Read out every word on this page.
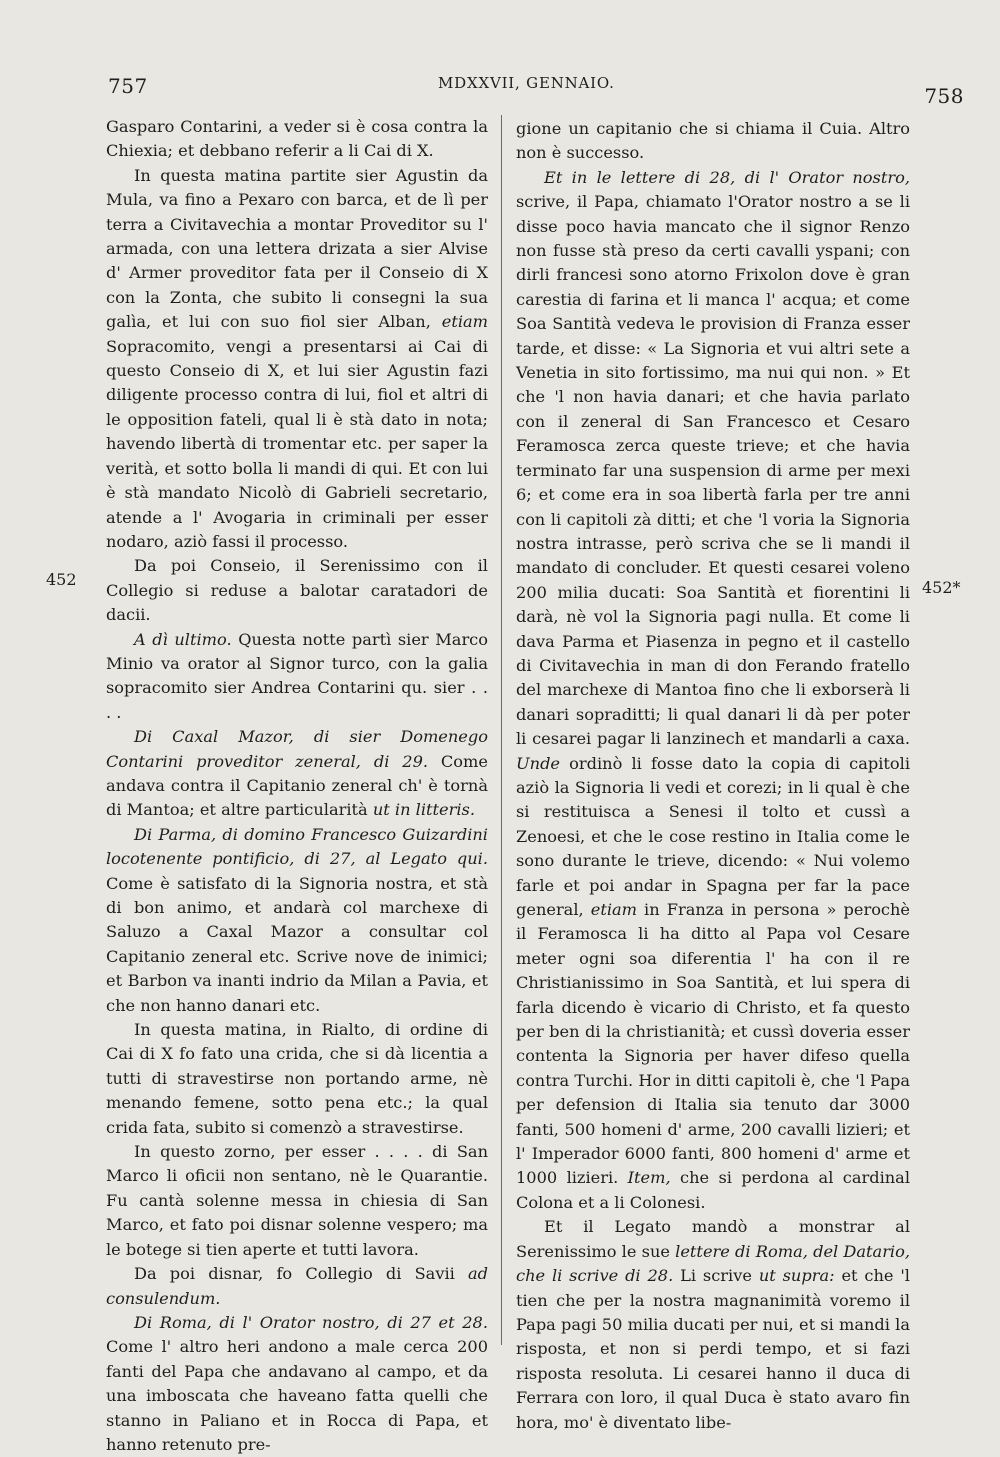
757	MDXXVII, GENNAIO.
758
452	452*

Gasparo Contarini, a veder si è cosa contra la Chiexia; et debbano referir a li Cai di X.

In questa matina partite sier Agustin da Mula, va fino a Pexaro con barca, et de lì per terra a Civitavechia a montar Proveditor su l' armada, con una lettera drizata a sier Alvise d' Armer proveditor fata per il Conseio di X con la Zonta, che subito li consegni la sua galìa, et lui con suo fiol sier Alban, etiam Sopracomito, vengi a presentarsi ai Cai di questo Conseio di X, et lui sier Agustin fazi diligente processo contra di lui, fiol et altri di le opposition fateli, qual li è stà dato in nota; havendo libertà di tromentar etc. per saper la verità, et sotto bolla li mandi di qui. Et con lui è stà mandato Nicolò di Gabrieli secretario, atende a l' Avogaria in criminali per esser nodaro, aziò fassi il processo.

Da poi Conseio, il Serenissimo con il Collegio si reduse a balotar caratadori de dacii.

A dì ultimo. Questa notte partì sier Marco Minio va orator al Signor turco, con la galia sopracomito sier Andrea Contarini qu. sier . . . .

Di Caxal Mazor, di sier Domenego Contarini proveditor zeneral, di 29. Come andava contra il Capitanio zeneral ch' è tornà di Mantoa; et altre particularità ut in litteris.

Di Parma, di domino Francesco Guizardini locotenente pontificio, di 27, al Legato qui. Come è satisfato di la Signoria nostra, et stà di bon animo, et andarà col marchexe di Saluzo a Caxal Mazor a consultar col Capitanio zeneral etc. Scrive nove de inimici; et Barbon va inanti indrio da Milan a Pavia, et che non hanno danari etc.

In questa matina, in Rialto, di ordine di Cai di X fo fato una crida, che si dà licentia a tutti di stravestirse non portando arme, nè menando femene, sotto pena etc.; la qual crida fata, subito si comenzò a stravestirse.

In questo zorno, per esser . . . . di San Marco li oficii non sentano, nè le Quarantie. Fu cantà solenne messa in chiesia di San Marco, et fato poi disnar solenne vespero; ma le botege si tien aperte et tutti lavora.

Da poi disnar, fo Collegio di Savii ad consulendum.

Di Roma, di l' Orator nostro, di 27 et 28. Come l' altro heri andono a male cerca 200 fanti del Papa che andavano al campo, et da una imboscata che haveano fatta quelli che stanno in Paliano et in Rocca di Papa, et hanno retenuto pre-

gione un capitanio che si chiama il Cuia. Altro non è successo.

Et in le lettere di 28, di l' Orator nostro, scrive, il Papa, chiamato l'Orator nostro a se li disse poco havia mancato che il signor Renzo non fusse stà preso da certi cavalli yspani; con dirli francesi sono atorno Frixolon dove è gran carestia di farina et li manca l' acqua; et come Soa Santità vedeva le provision di Franza esser tarde, et disse: « La Signoria et vui altri sete a Venetia in sito fortissimo, ma nui qui non. » Et che 'l non havia danari; et che havia parlato con il zeneral di San Francesco et Cesaro Feramosca zerca queste trieve; et che havia terminato far una suspension di arme per mexi 6; et come era in soa libertà farla per tre anni con li capitoli zà ditti; et che 'l voria la Signoria nostra intrasse, però scriva che se li mandi il mandato di concluder. Et questi cesarei voleno 200 milia ducati: Soa Santità et fiorentini li darà, nè vol la Signoria pagi nulla. Et come li dava Parma et Piasenza in pegno et il castello di Civitavechia in man di don Ferando fratello del marchexe di Mantoa fino che li exborserà li danari sopraditti; li qual danari li dà per poter li cesarei pagar li lanzinech et mandarli a caxa. Unde ordinò li fosse dato la copia di capitoli aziò la Signoria li vedi et corezi; in li qual è che si restituisca a Senesi il tolto et cussì a Zenoesi, et che le cose restino in Italia come le sono durante le trieve, dicendo: « Nui volemo farle et poi andar in Spagna per far la pace general, etiam in Franza in persona » perochè il Feramosca li ha ditto al Papa vol Cesare meter ogni soa diferentia l' ha con il re Christianissimo in Soa Santità, et lui spera di farla dicendo è vicario di Christo, et fa questo per ben di la christianità; et cussì doveria esser contenta la Signoria per haver difeso quella contra Turchi. Hor in ditti capitoli è, che 'l Papa per defension di Italia sia tenuto dar 3000 fanti, 500 homeni d' arme, 200 cavalli lizieri; et l' Imperador 6000 fanti, 800 homeni d' arme et 1000 lizieri. Item, che si perdona al cardinal Colona et a li Colonesi.

Et il Legato mandò a monstrar al Serenissimo le sue lettere di Roma, del Datario, che li scrive di 28. Li scrive ut supra: et che 'l tien che per la nostra magnanimità voremo il Papa pagi 50 milia ducati per nui, et si mandi la risposta, et non si perdi tempo, et si fazi risposta resoluta. Li cesarei hanno il duca di Ferrara con loro, il qual Duca è stato avaro fin hora, mo' è diventato libe-
